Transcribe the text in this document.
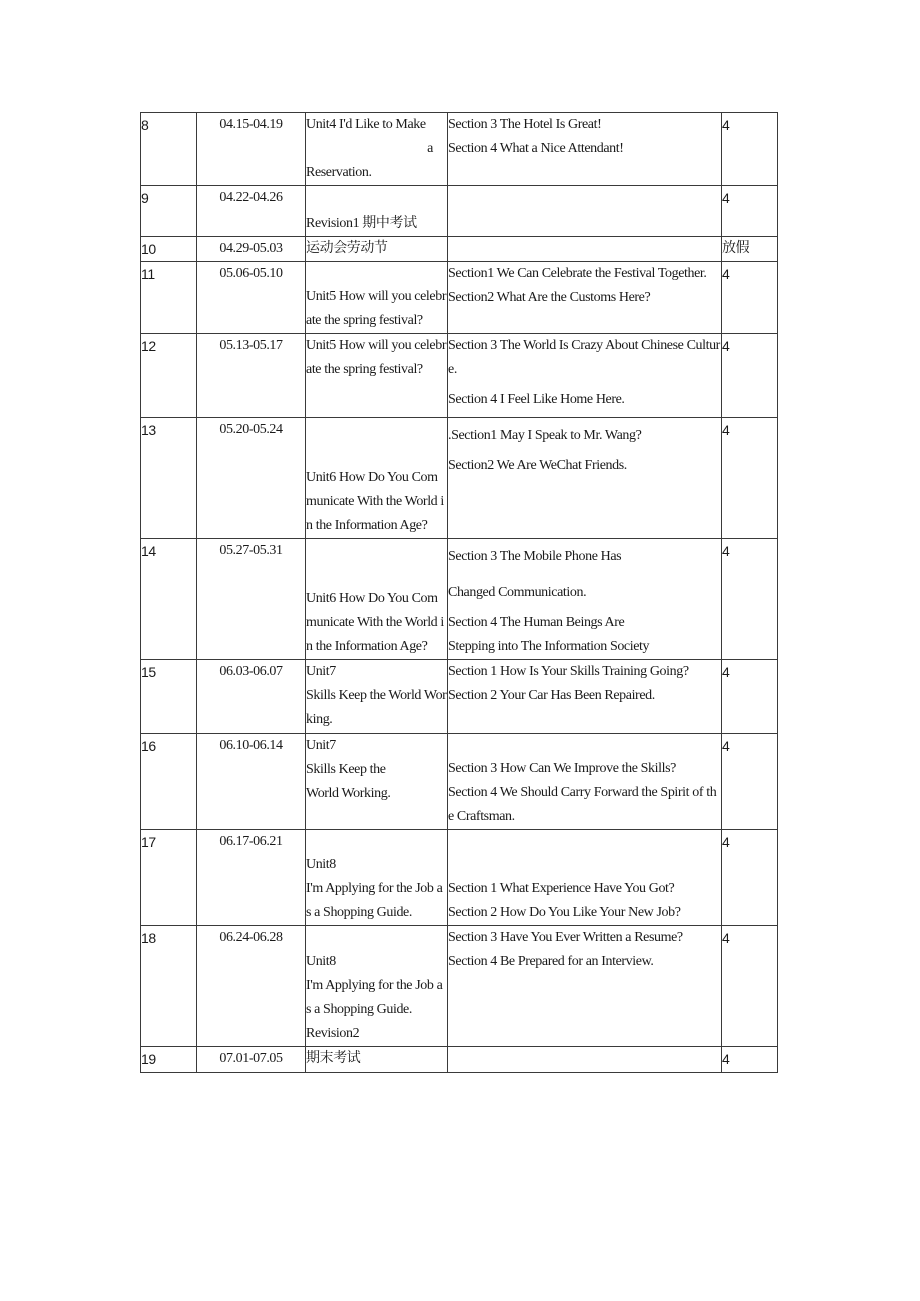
8	04.15-04.19	Unit4 I'd Like to Make
a
Reservation.	Section 3 The Hotel Is Great!
Section 4 What a Nice Attendant!	4
9	04.22-04.26	Revision1 期中考试		4
10	04.29-05.03	运动会劳动节		放假
11	05.06-05.10	Unit5 How will you celebrate the spring festival?	Section1 We Can Celebrate the Festival Together.
Section2 What Are the Customs Here?	4
12	05.13-05.17	Unit5 How will you celebrate the spring festival?	Section 3 The World Is Crazy About Chinese Culture.
Section 4 I Feel Like Home Here.	4
13	05.20-05.24	Unit6 How Do You Communicate With the World in the Information Age?	.Section1 May I Speak to Mr. Wang?
Section2 We Are WeChat Friends.	4
14	05.27-05.31	Unit6 How Do You Communicate With the World in the Information Age?	Section 3 The Mobile Phone Has
Changed Communication.
Section 4 The Human Beings Are
Stepping into The Information Society	4
15	06.03-06.07	Unit7
Skills Keep the World Working.	Section 1 How Is Your Skills Training Going?
Section 2 Your Car Has Been Repaired.	4
16	06.10-06.14	Unit7
Skills Keep the
World Working.	Section 3 How Can We Improve the Skills?
Section 4 We Should Carry Forward the Spirit of the Craftsman.	4
17	06.17-06.21	Unit8
I'm Applying for the Job as a Shopping Guide.	Section 1 What Experience Have You Got?
Section 2 How Do You Like Your New Job?	4
18	06.24-06.28	Unit8
I'm Applying for the Job as a Shopping Guide.
Revision2	Section 3 Have You Ever Written a Resume?
Section 4 Be Prepared for an Interview.	4
19	07.01-07.05	期末考试		4
